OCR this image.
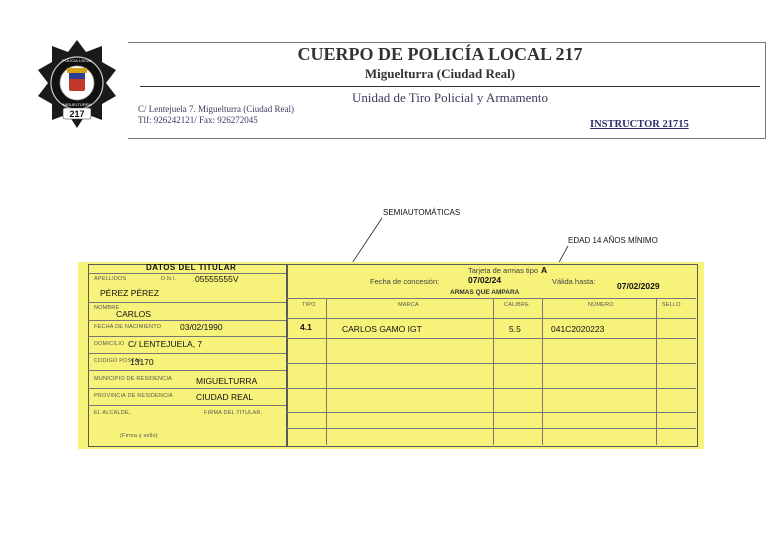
217
POLICIA LOCAL
MIGUELTURRA
CUERPO DE POLICÍA LOCAL 217
Miguelturra (Ciudad Real)
Unidad de Tiro Policial y Armamento
C/ Lentejuela 7. Miguelturra (Ciudad Real)
Tlf: 926242121/ Fax: 926272045	INSTRUCTOR 21715
SEMIAUTOMÁTICAS
EDAD 14 AÑOS MÍNIMO
DATOS DEL TITULAR
APELLIDOS	D.N.I. 05555555V
PÉREZ PÉREZ
NOMBRE
CARLOS
FECHA DE NACIMIENTO 03/02/1990
DOMICILIO C/ LENTEJUELA, 7
CODIGO POSTAL
13170
MUNICIPIO DE RESIDENCIA	MIGUELTURRA
PROVINCIA DE RESIDENCIA	CIUDAD REAL
EL ALCALDE,	FIRMA DEL TITULAR,
(Firma y sello)
Tarjeta de armas tipo A
Fecha de concesión:	07/02/24	Válida hasta:	07/02/2029
ARMAS QUE AMPARA
TIPO	MARCA	CALIBRE	NÚMERO	SELLO
4.1	CARLOS GAMO IGT	5.5	041C2020223
